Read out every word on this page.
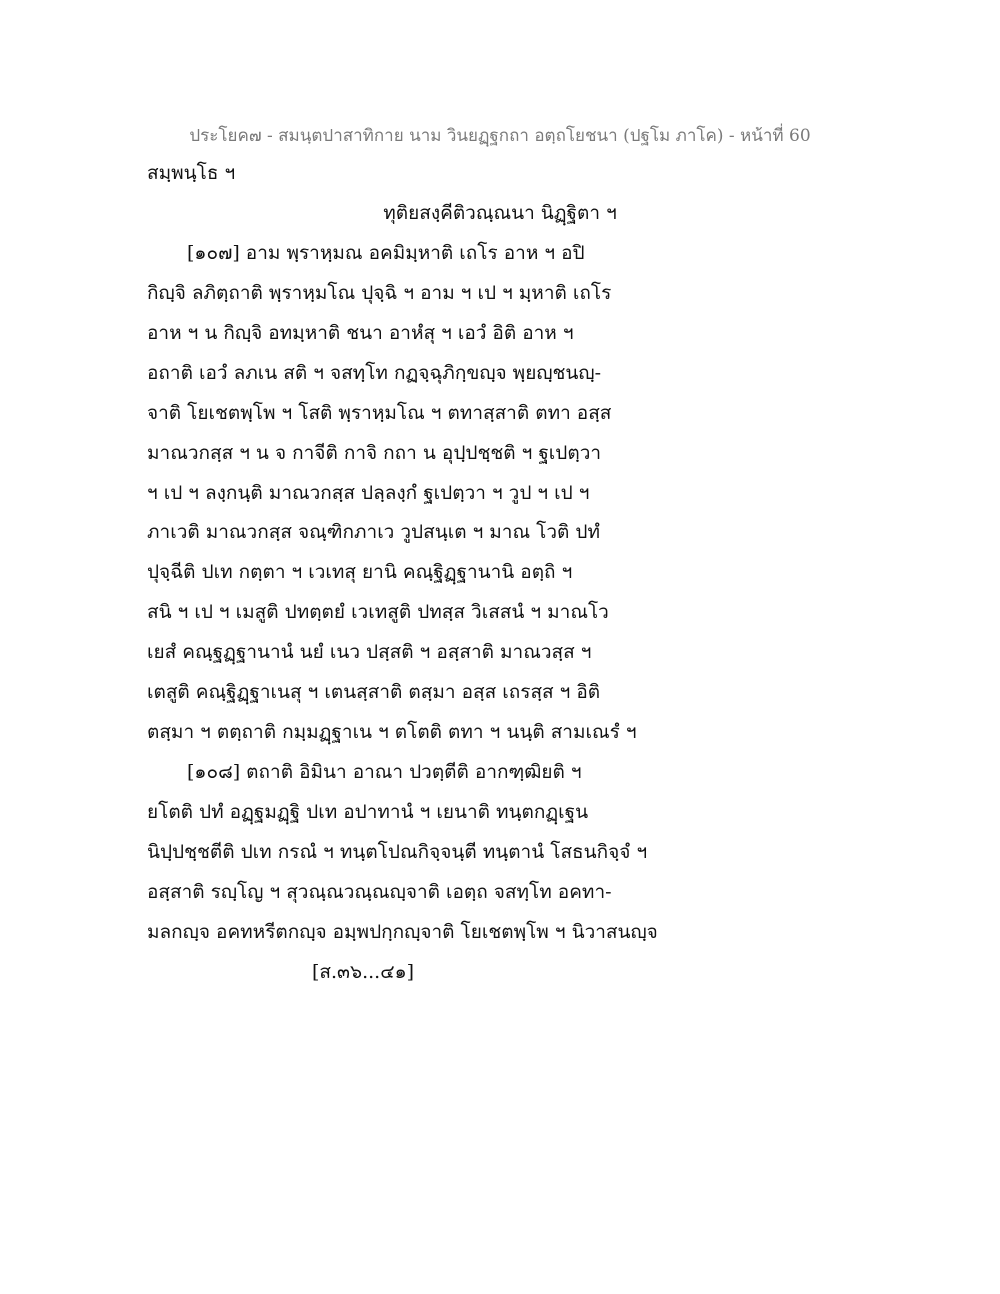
ประโยค๗ - สมนฺตปาสาทิกาย นาม วินยฏฺฐกถา อตฺถโยชนา (ปฐโม ภาโค) - หน้าที่ 60
สมฺพนฺโธ ฯ
ทุติยสงฺคีติวณฺณนา นิฏฺฐิตา ฯ
[๑๐๗] อาม พฺราหฺมณ อคมิมฺหาติ เถโร อาห ฯ อปิ
กิญฺจิ ลภิตฺถาติ พฺราหฺมโณ ปุจฺฉิ ฯ อาม ฯ เป ฯ มฺหาติ เถโร
อาห ฯ น กิญฺจิ อทมฺหาติ ชนา อาหํสุ ฯ เอวํ อิติ อาห ฯ
อถาติ เอวํ ลภเน สติ ฯ จสทฺโท กฏจฺฉุภิกฺขญฺจ พฺยญฺชนญฺ-
จาติ โยเชตพฺโพ ฯ โสติ พฺราหฺมโณ ฯ ตทาสฺสาติ ตทา อสฺส
มาณวกสฺส ฯ น จ กาจีติ กาจิ กถา น อุปฺปชฺชติ ฯ ฐเปตฺวา
ฯ เป ฯ ลงฺกนฺติ มาณวกสฺส ปลฺลงฺกํ ฐเปตฺวา ฯ วูป ฯ เป ฯ
ภาเวติ มาณวกสฺส จณฺฑิกภาเว วูปสนฺเต ฯ มาณ โวติ ปทํ
ปุจฺฉีติ ปเท กตฺตา ฯ เวเทสุ ยานิ คณฺฐิฏฺฐานานิ อตฺถิ ฯ
สนิ ฯ เป ฯ เมสูติ ปทตฺตยํ เวเทสูติ ปทสฺส วิเสสนํ ฯ มาณโว
เยสํ คณฺฐฏฺฐานานํ นยํ เนว ปสฺสติ ฯ อสฺสาติ มาณวสฺส ฯ
เตสูติ คณฺฐิฏฺฐาเนสุ ฯ เตนสฺสาติ ตสฺมา อสฺส เถรสฺส ฯ อิติ
ตสฺมา ฯ ตตฺถาติ กมฺมฏฺฐาเน ฯ ตโตติ ตทา ฯ นนฺติ สามเณรํ ฯ
[๑๐๘] ตถาติ อิมินา อาณา ปวตฺตีติ อากฑฺฒิยติ ฯ
ยโตติ ปทํ อฏฺฐมฏฺฐิ ปเท อปาทานํ ฯ เยนาติ ทนฺตกฏฺเฐน
นิปฺปชฺชตีติ ปเท กรณํ ฯ ทนฺตโปณกิจฺจนฺตี ทนฺตานํ โสธนกิจฺจํ ฯ
อสฺสาติ รญฺโญ ฯ สุวณฺณวณฺณญฺจาติ เอตฺถ จสทฺโท อคทา-
มลกญฺจ อคทหรีตกญฺจ อมฺพปกฺกญฺจาติ โยเชตพฺโพ ฯ นิวาสนญฺจ
[ส.๓๖...๔๑]
